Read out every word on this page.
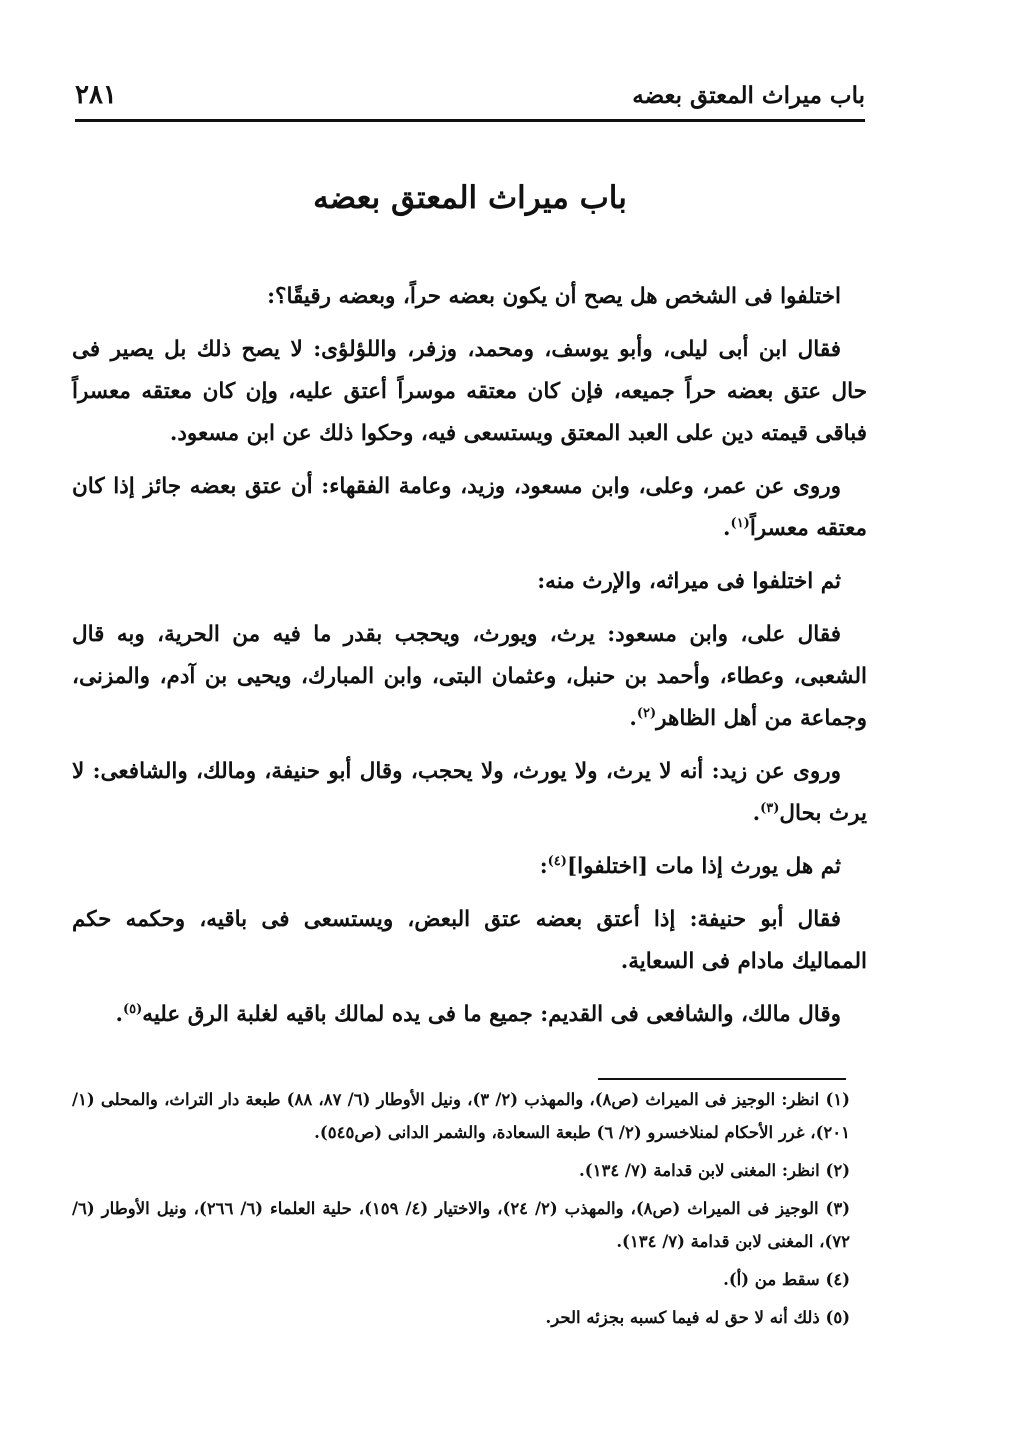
باب ميراث المعتق بعضه
٢٨١
باب ميراث المعتق بعضه

اختلفوا فى الشخص هل يصح أن يكون بعضه حراً، وبعضه رقيقًا؟:

فقال ابن أبى ليلى، وأبو يوسف، ومحمد، وزفر، واللؤلؤى: لا يصح ذلك بل يصير فى حال عتق بعضه حراً جميعه، فإن كان معتقه موسراً أعتق عليه، وإن كان معتقه معسراً فباقى قيمته دين على العبد المعتق ويستسعى فيه، وحكوا ذلك عن ابن مسعود.

وروى عن عمر، وعلى، وابن مسعود، وزيد، وعامة الفقهاء: أن عتق بعضه جائز إذا كان معتقه معسراً$^{(١)}$.

ثم اختلفوا فى ميراثه، والإرث منه:

فقال على، وابن مسعود: يرث، ويورث، ويحجب بقدر ما فيه من الحرية، وبه قال الشعبى، وعطاء، وأحمد بن حنبل، وعثمان البتى، وابن المبارك، ويحيى بن آدم، والمزنى، وجماعة من أهل الظاهر$^{(٢)}$.

وروى عن زيد: أنه لا يرث، ولا يورث، ولا يحجب، وقال أبو حنيفة، ومالك، والشافعى: لا يرث بحال$^{(٣)}$.

ثم هل يورث إذا مات [اختلفوا]$^{(٤)}$:

فقال أبو حنيفة: إذا أعتق بعضه عتق البعض، ويستسعى فى باقيه، وحكمه حكم المماليك مادام فى السعاية.

وقال مالك، والشافعى فى القديم: جميع ما فى يده لمالك باقيه لغلبة الرق عليه$^{(٥)}$.

(١) انظر: الوجيز فى الميراث (ص٨)، والمهذب (٢/ ٣)، ونيل الأوطار (٦/ ٨٧، ٨٨) طبعة دار التراث، والمحلى (١/ ٢٠١)، غرر الأحكام لمنلاخسرو (٢/ ٦) طبعة السعادة، والشمر الدانى (ص٥٤٥).
(٢) انظر: المغنى لابن قدامة (٧/ ١٣٤).
(٣) الوجيز فى الميراث (ص٨)، والمهذب (٢/ ٢٤)، والاختيار (٤/ ١٥٩)، حلية العلماء (٦/ ٢٦٦)، ونيل الأوطار (٦/ ٧٢)، المغنى لابن قدامة (٧/ ١٣٤).
(٤) سقط من (أ).
(٥) ذلك أنه لا حق له فيما كسبه بجزئه الحر.
